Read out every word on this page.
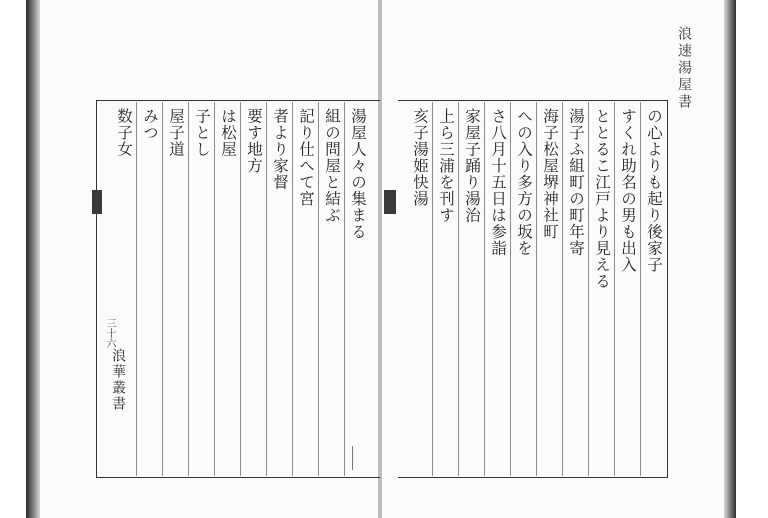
浪速湯屋書
三十六
浪華叢書
の心よりも起り後家子
すくれ助名の男も出入
ととるこ江戸より見える
湯子ふ組町の町年寄
海子松屋堺神社町
への入り多方の坂を
さ八月十五日は参詣
家屋子踊り湯治
上ら三浦を刊す
亥子湯姫快湯
湯屋人々の集まる
組の問屋と結ぶ
記り仕へて宮
者より家督
要す地方
は松屋
子とし
屋子道
みつ
数子女
